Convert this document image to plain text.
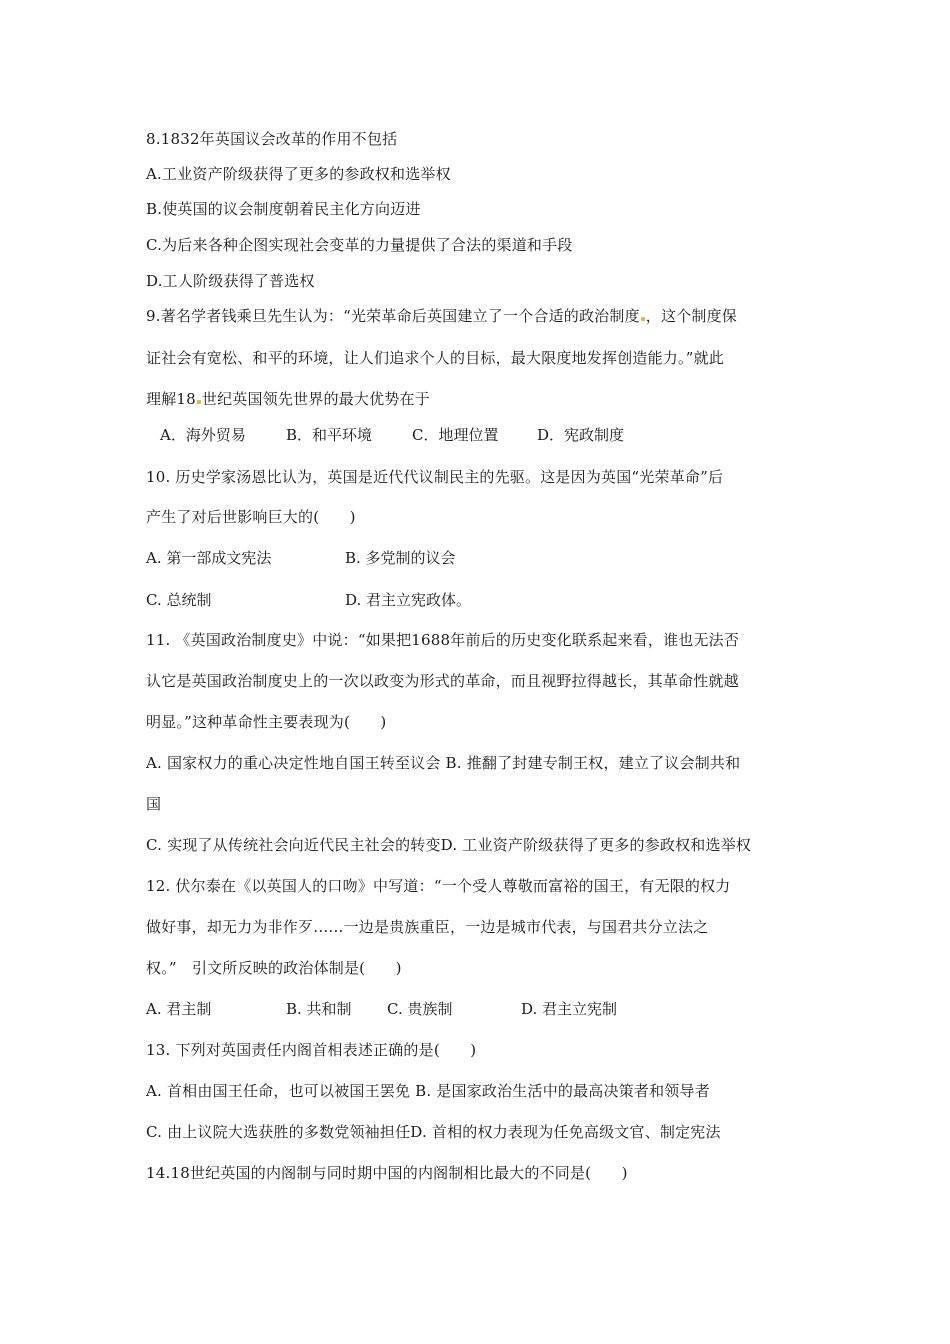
8.1832年英国议会改革的作用不包括
A.工业资产阶级获得了更多的参政权和选举权
B.使英国的议会制度朝着民主化方向迈进
C.为后来各种企图实现社会变革的力量提供了合法的渠道和手段
D.工人阶级获得了普选权
9.著名学者钱乘旦先生认为：“光荣革命后英国建立了一个合适的政治制度 ，这个制度保
证社会有宽松、和平的环境，让人们追求个人的目标，最大限度地发挥创造能力。”就此
理解18 世纪英国领先世界的最大优势在于
A．海外贸易	B．和平环境	C．地理位置	D．宪政制度
10. 历史学家汤恩比认为，英国是近代代议制民主的先驱。这是因为英国“光荣革命”后
产生了对后世影响巨大的(　　)
A. 第一部成文宪法	B. 多党制的议会
C. 总统制	D. 君主立宪政体。
11. 《英国政治制度史》中说：“如果把1688年前后的历史变化联系起来看，谁也无法否
认它是英国政治制度史上的一次以政变为形式的革命，而且视野拉得越长，其革命性就越
明显。”这种革命性主要表现为(　　)
A. 国家权力的重心决定性地自国王转至议会 B. 推翻了封建专制王权，建立了议会制共和
国
C. 实现了从传统社会向近代民主社会的转变D. 工业资产阶级获得了更多的参政权和选举权
12. 伏尔泰在《以英国人的口吻》中写道：“一个受人尊敬而富裕的国王，有无限的权力
做好事，却无力为非作歹……一边是贵族重臣，一边是城市代表，与国君共分立法之
权。”　引文所反映的政治体制是(　　)
A. 君主制	B. 共和制 C. 贵族制	D. 君主立宪制
13. 下列对英国责任内阁首相表述正确的是(　　)
A. 首相由国王任命，也可以被国王罢免 B. 是国家政治生活中的最高决策者和领导者
C. 由上议院大选获胜的多数党领袖担任D. 首相的权力表现为任免高级文官、制定宪法
14.18世纪英国的内阁制与同时期中国的内阁制相比最大的不同是(　　)
